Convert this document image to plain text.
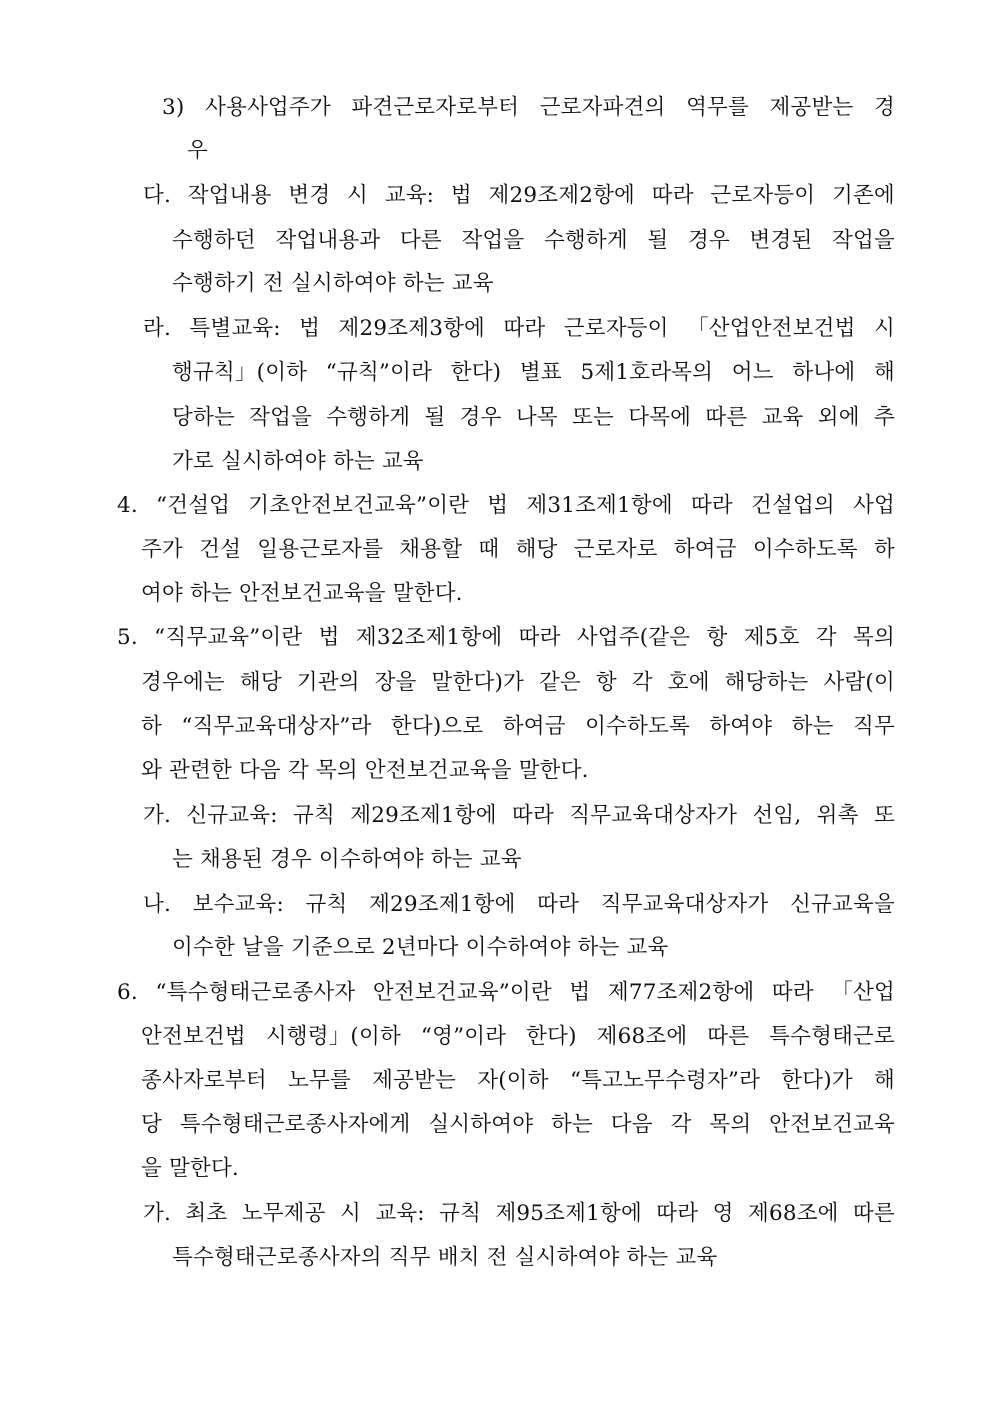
3) 사용사업주가 파견근로자로부터 근로자파견의 역무를 제공받는 경
우
다. 작업내용 변경 시 교육: 법 제29조제2항에 따라 근로자등이 기존에
수행하던 작업내용과 다른 작업을 수행하게 될 경우 변경된 작업을
수행하기 전 실시하여야 하는 교육
라. 특별교육: 법 제29조제3항에 따라 근로자등이 「산업안전보건법 시
행규칙」(이하 “규칙”이라 한다) 별표 5제1호라목의 어느 하나에 해
당하는 작업을 수행하게 될 경우 나목 또는 다목에 따른 교육 외에 추
가로 실시하여야 하는 교육
4. “건설업 기초안전보건교육”이란 법 제31조제1항에 따라 건설업의 사업
주가 건설 일용근로자를 채용할 때 해당 근로자로 하여금 이수하도록 하
여야 하는 안전보건교육을 말한다.
5. “직무교육”이란 법 제32조제1항에 따라 사업주(같은 항 제5호 각 목의
경우에는 해당 기관의 장을 말한다)가 같은 항 각 호에 해당하는 사람(이
하 “직무교육대상자”라 한다)으로 하여금 이수하도록 하여야 하는 직무
와 관련한 다음 각 목의 안전보건교육을 말한다.
가. 신규교육: 규칙 제29조제1항에 따라 직무교육대상자가 선임, 위촉 또
는 채용된 경우 이수하여야 하는 교육
나. 보수교육: 규칙 제29조제1항에 따라 직무교육대상자가 신규교육을
이수한 날을 기준으로 2년마다 이수하여야 하는 교육
6. “특수형태근로종사자 안전보건교육”이란 법 제77조제2항에 따라 「산업
안전보건법 시행령」(이하 “영”이라 한다) 제68조에 따른 특수형태근로
종사자로부터 노무를 제공받는 자(이하 “특고노무수령자”라 한다)가 해
당 특수형태근로종사자에게 실시하여야 하는 다음 각 목의 안전보건교육
을 말한다.
가. 최초 노무제공 시 교육: 규칙 제95조제1항에 따라 영 제68조에 따른
특수형태근로종사자의 직무 배치 전 실시하여야 하는 교육
